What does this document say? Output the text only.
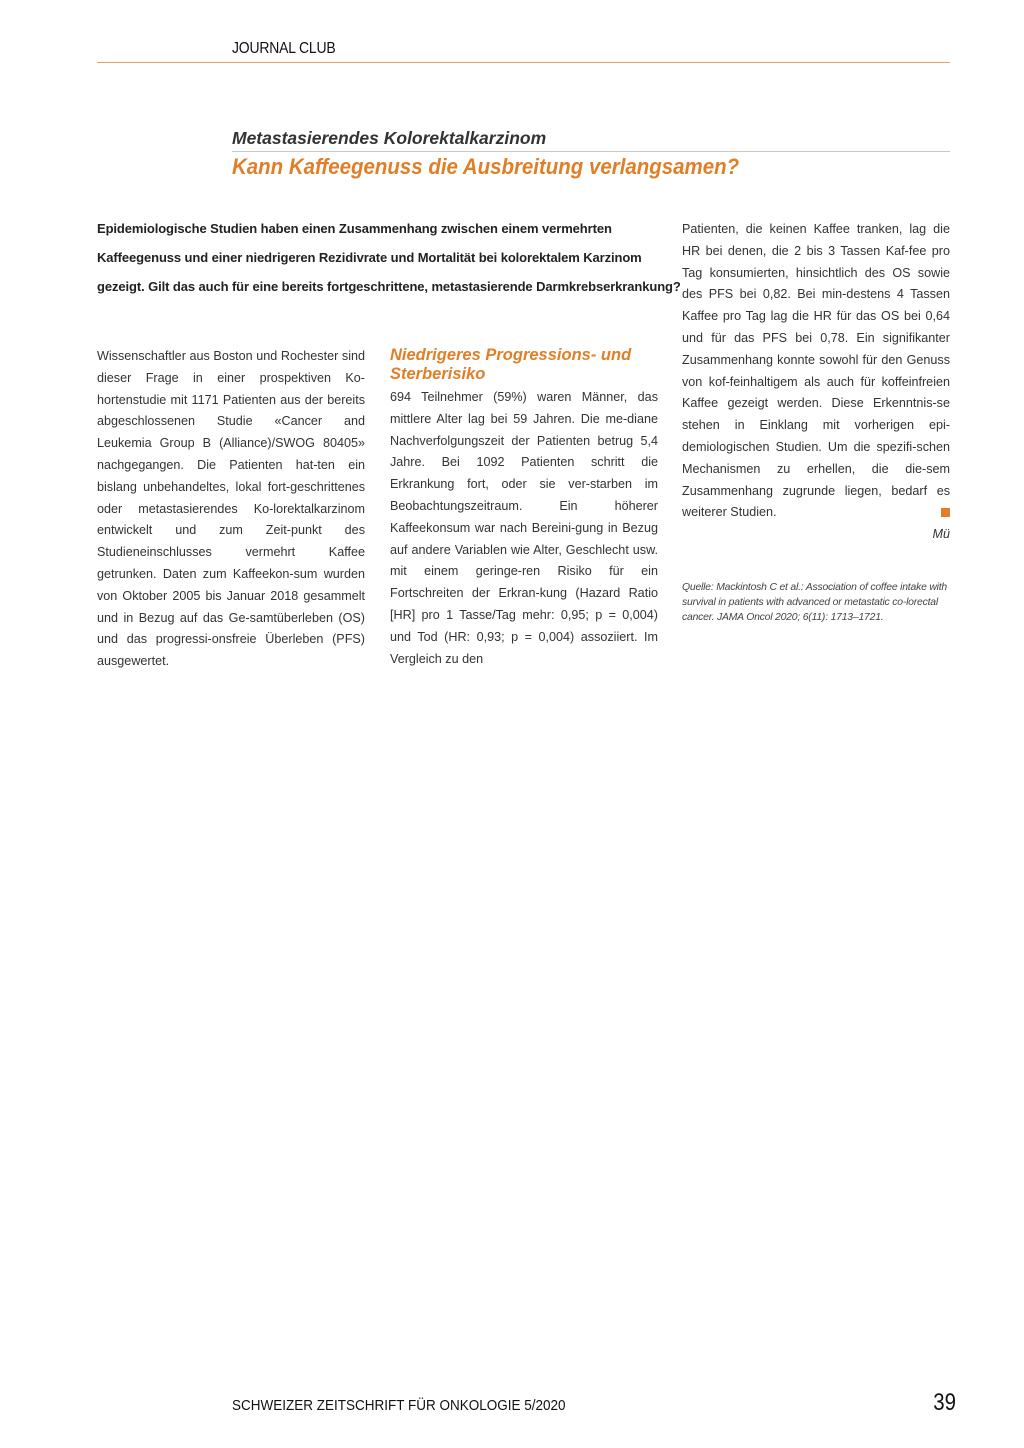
JOURNAL CLUB
Metastasierendes Kolorektalkarzinom
Kann Kaffeegenuss die Ausbreitung verlangsamen?
Epidemiologische Studien haben einen Zusammenhang zwischen einem vermehrten Kaffeegenuss und einer niedrigeren Rezidivrate und Mortalität bei kolorektalem Karzinom gezeigt. Gilt das auch für eine bereits fortgeschrittene, metastasierende Darmkrebserkrankung?
Wissenschaftler aus Boston und Rochester sind dieser Frage in einer prospektiven Ko-hortenstudie mit 1171 Patienten aus der bereits abgeschlossenen Studie «Cancer and Leukemia Group B (Alliance)/SWOG 80405» nachgegangen. Die Patienten hat-ten ein bislang unbehandeltes, lokal fort-geschrittenes oder metastasierendes Ko-lorektalkarzinom entwickelt und zum Zeit-punkt des Studieneinschlusses vermehrt Kaffee getrunken. Daten zum Kaffeekon-sum wurden von Oktober 2005 bis Januar 2018 gesammelt und in Bezug auf das Ge-samtüberleben (OS) und das progressi-onsfreie Überleben (PFS) ausgewertet.
Niedrigeres Progressions- und Sterberisiko
694 Teilnehmer (59%) waren Männer, das mittlere Alter lag bei 59 Jahren. Die me-diane Nachverfolgungszeit der Patienten betrug 5,4 Jahre. Bei 1092 Patienten schritt die Erkrankung fort, oder sie ver-starben im Beobachtungszeitraum. Ein höherer Kaffeekonsum war nach Bereini-gung in Bezug auf andere Variablen wie Alter, Geschlecht usw. mit einem geringe-ren Risiko für ein Fortschreiten der Erkran-kung (Hazard Ratio [HR] pro 1 Tasse/Tag mehr: 0,95; p = 0,004) und Tod (HR: 0,93; p = 0,004) assoziiert. Im Vergleich zu den
Patienten, die keinen Kaffee tranken, lag die HR bei denen, die 2 bis 3 Tassen Kaf-fee pro Tag konsumierten, hinsichtlich des OS sowie des PFS bei 0,82. Bei min-destens 4 Tassen Kaffee pro Tag lag die HR für das OS bei 0,64 und für das PFS bei 0,78. Ein signifikanter Zusammenhang konnte sowohl für den Genuss von kof-feinhaltigem als auch für koffeinfreien Kaffee gezeigt werden. Diese Erkenntnis-se stehen in Einklang mit vorherigen epi-demiologischen Studien. Um die spezifi-schen Mechanismen zu erhellen, die die-sem Zusammenhang zugrunde liegen, bedarf es weiterer Studien.
Mü
Quelle: Mackintosh C et al.: Association of coffee intake with survival in patients with advanced or metastatic co-lorectal cancer. JAMA Oncol 2020; 6(11): 1713–1721.
SCHWEIZER ZEITSCHRIFT FÜR ONKOLOGIE 5/2020	39
